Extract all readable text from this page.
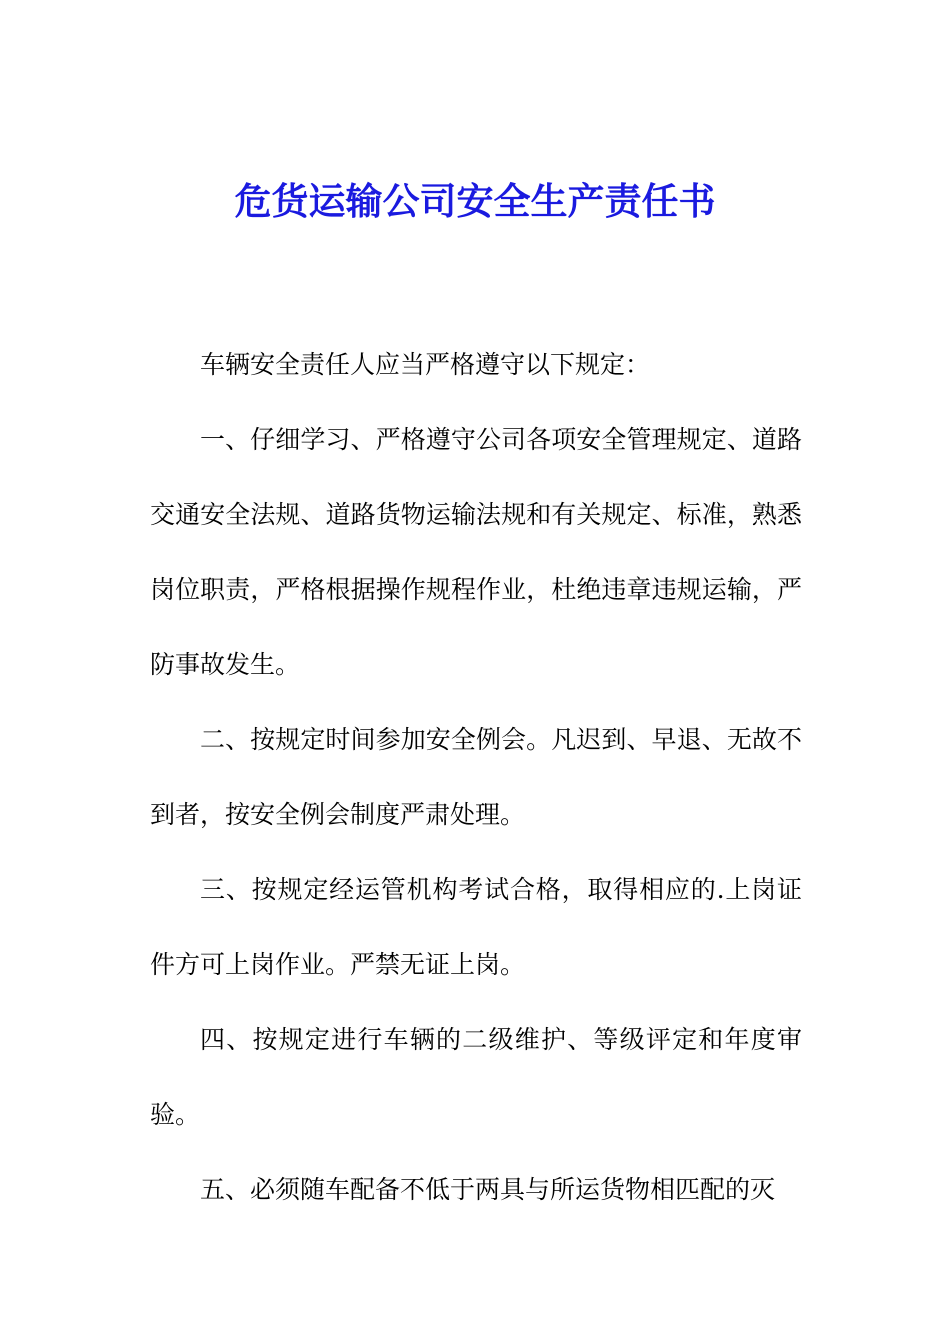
危货运输公司安全生产责任书

车辆安全责任人应当严格遵守以下规定：

一、仔细学习、严格遵守公司各项安全管理规定、道路交通安全法规、道路货物运输法规和有关规定、标准，熟悉岗位职责，严格根据操作规程作业，杜绝违章违规运输，严防事故发生。

二、按规定时间参加安全例会。凡迟到、早退、无故不到者，按安全例会制度严肃处理。

三、按规定经运管机构考试合格，取得相应的.上岗证件方可上岗作业。严禁无证上岗。

四、按规定进行车辆的二级维护、等级评定和年度审验。

五、必须随车配备不低于两具与所运货物相匹配的灭
